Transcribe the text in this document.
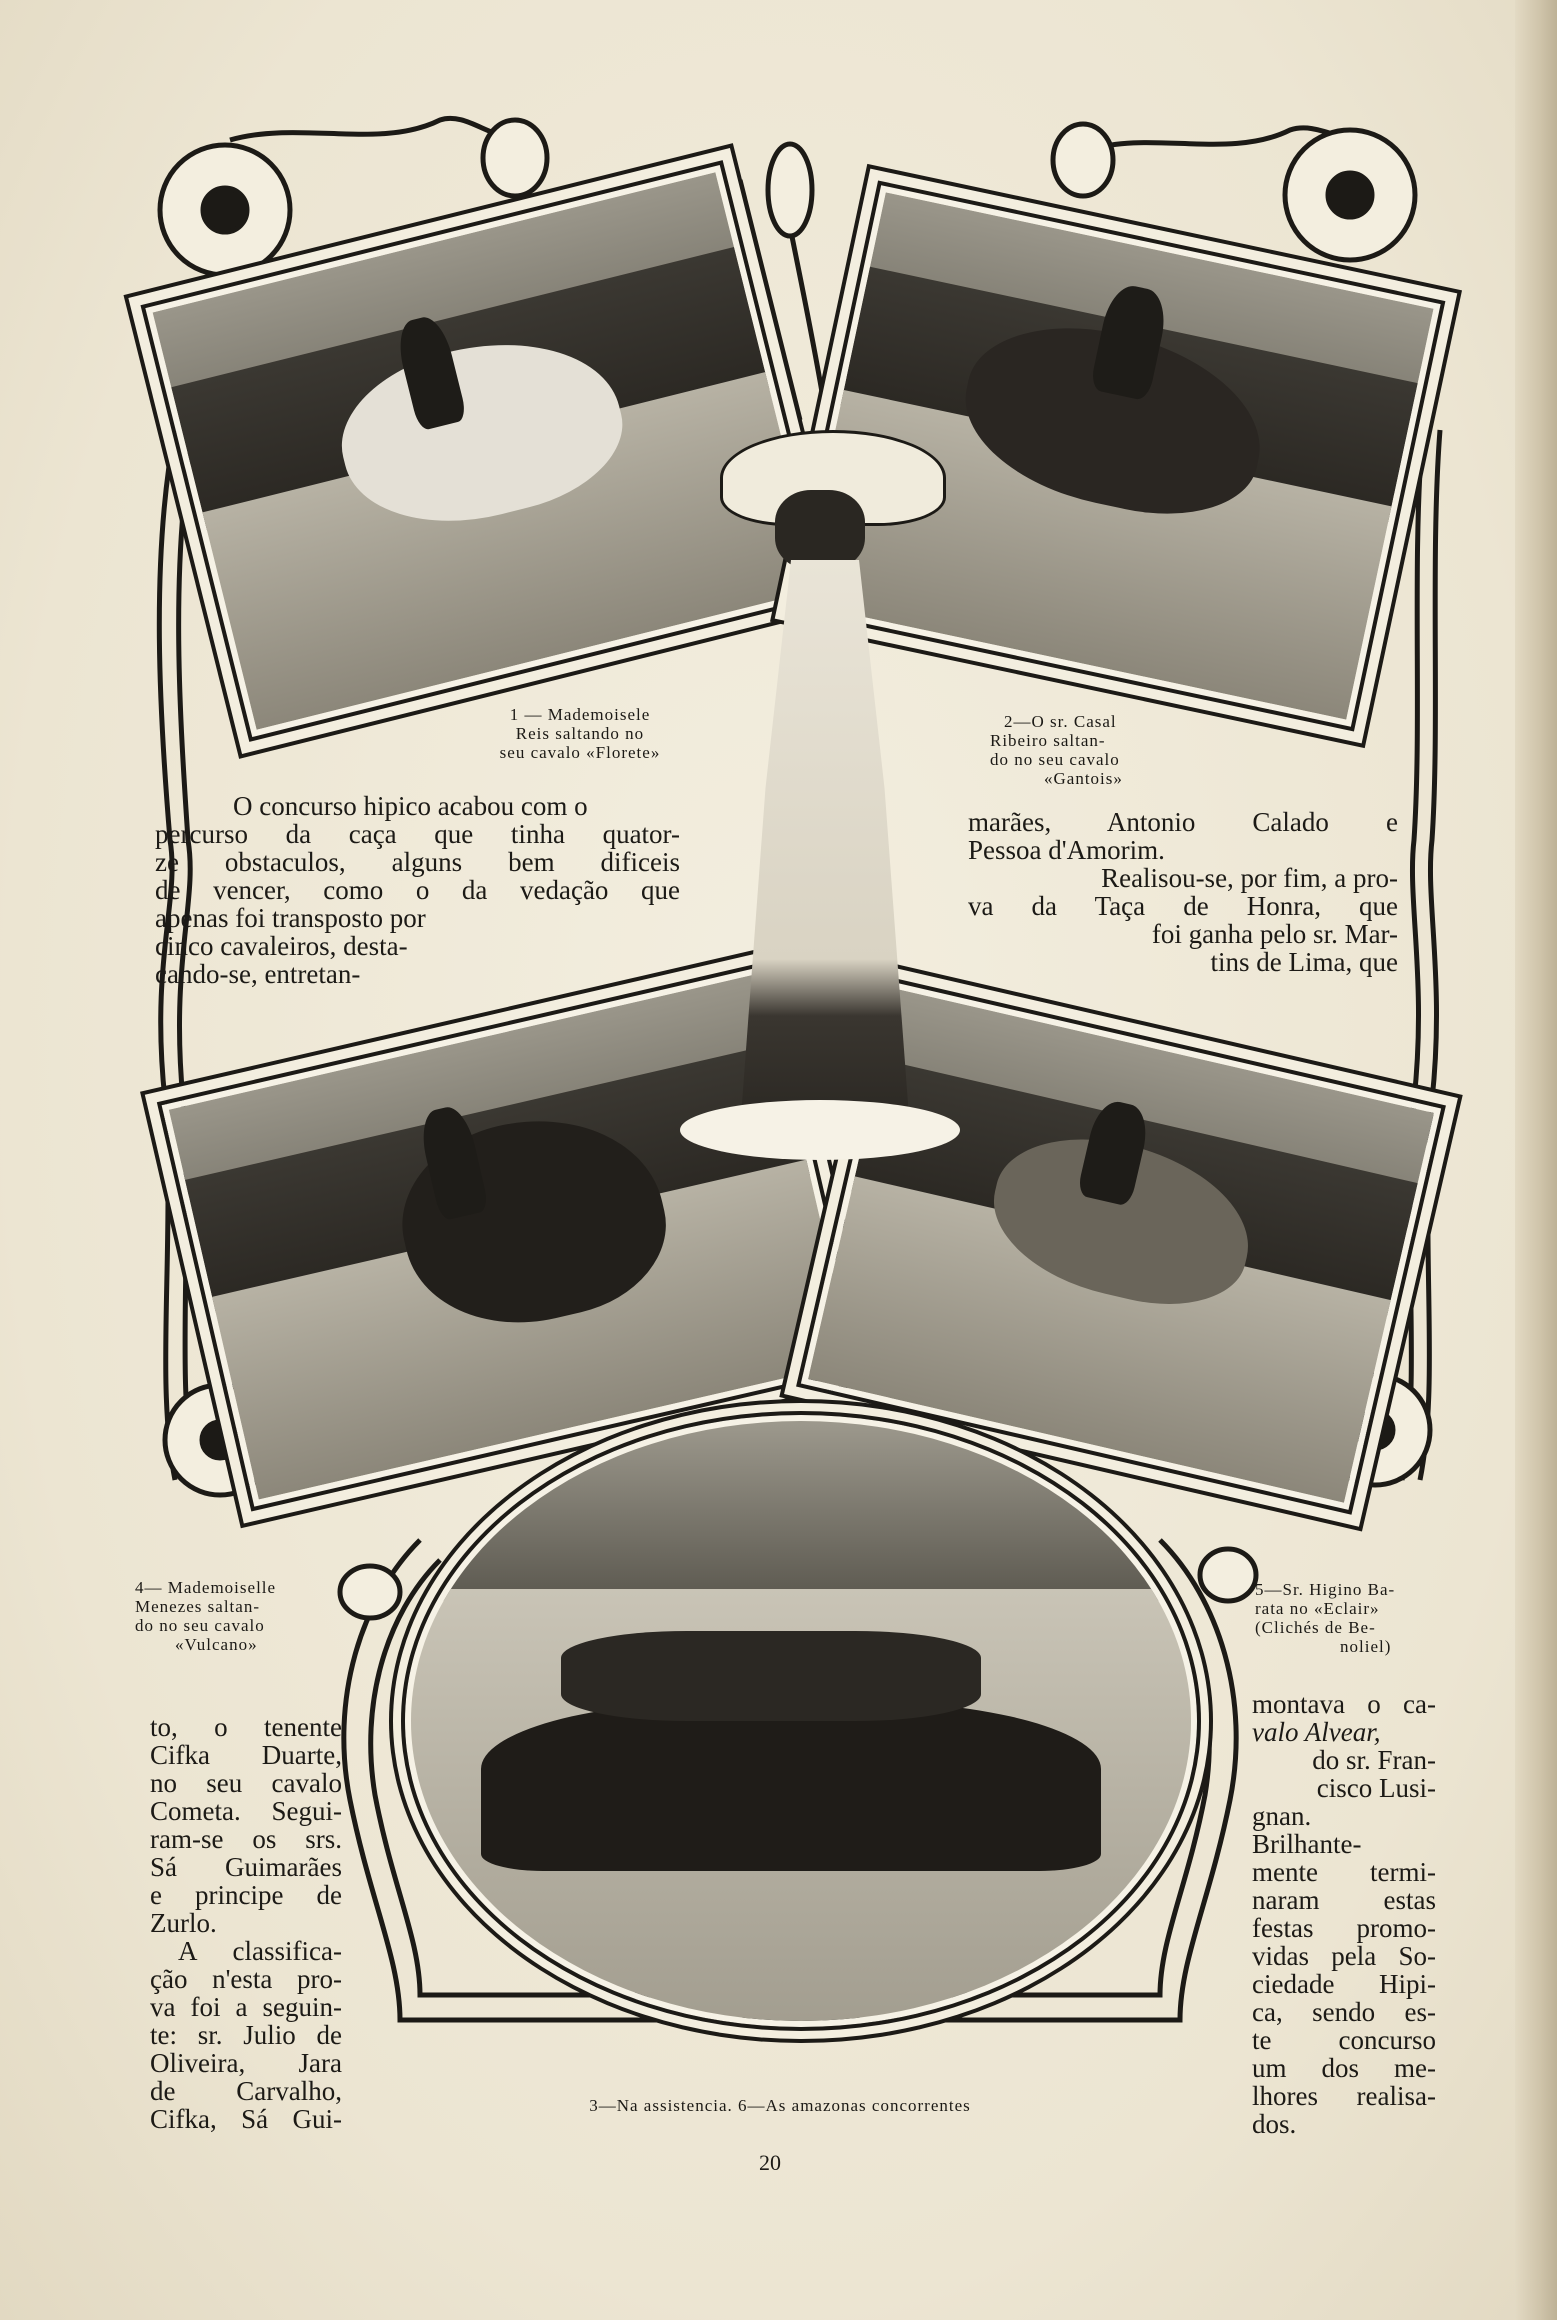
1 — Mademoisele
Reis saltando no
seu cavalo «Florete»
2—O sr. Casal
Ribeiro saltan-
do no seu cavalo
«Gantois»
4— Mademoiselle
Menezes saltan-
do no seu cavalo
«Vulcano»
5—Sr. Higino Ba-
rata no «Eclair»
(Clichés de Be-
noliel)
3—Na assistencia. 6—As amazonas concorrentes
O concurso hipico acabou com o
percurso da caça que tinha quator-
ze obstaculos, alguns bem dificeis
de vencer, como o da vedação que
apenas foi transposto por
cinco cavaleiros, desta-
cando-se, entretan-
marães, Antonio Calado e
Pessoa d'Amorim.
Realisou-se, por fim, a pro-
va da Taça de Honra, que
foi ganha pelo sr. Mar-
tins de Lima, que
to, o tenente
Cifka Duarte,
no seu cavalo
Cometa. Segui-
ram-se os srs.
Sá Guimarães
e principe de
Zurlo.
A classifica-
ção n'esta pro-
va foi a seguin-
te: sr. Julio de
Oliveira, Jara
de Carvalho,
Cifka, Sá Gui-
montava o ca-
valo Alvear,
do sr. Fran-
cisco Lusi-
gnan.
Brilhante-
mente termi-
naram estas
festas promo-
vidas pela So-
ciedade Hipi-
ca, sendo es-
te concurso
um dos me-
lhores realisa-
dos.
20
